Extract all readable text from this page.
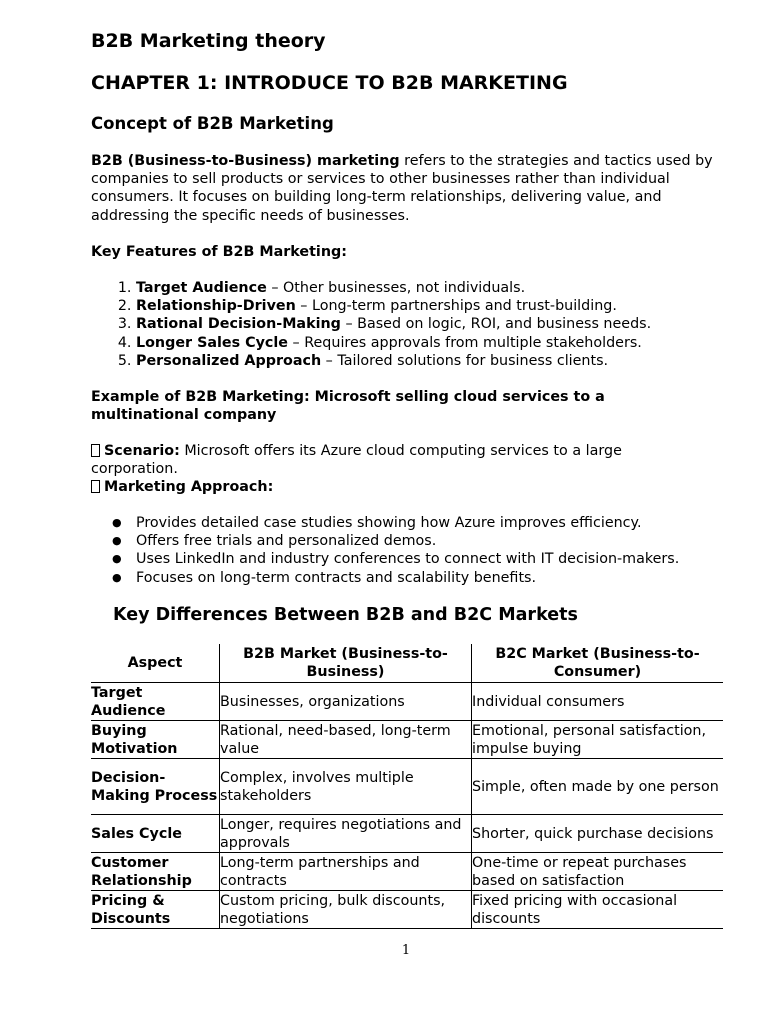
B2B Marketing theory
CHAPTER 1: INTRODUCE TO B2B MARKETING
Concept of B2B Marketing

B2B (Business-to-Business) marketing refers to the strategies and tactics used by companies to sell products or services to other businesses rather than individual consumers. It focuses on building long-term relationships, delivering value, and addressing the specific needs of businesses.

Key Features of B2B Marketing:
1. Target Audience – Other businesses, not individuals.
2. Relationship-Driven – Long-term partnerships and trust-building.
3. Rational Decision-Making – Based on logic, ROI, and business needs.
4. Longer Sales Cycle – Requires approvals from multiple stakeholders.
5. Personalized Approach – Tailored solutions for business clients.
Example of B2B Marketing: Microsoft selling cloud services to a multinational company
Scenario: Microsoft offers its Azure cloud computing services to a large corporation.
Marketing Approach:
● Provides detailed case studies showing how Azure improves efficiency.
● Offers free trials and personalized demos.
● Uses LinkedIn and industry conferences to connect with IT decision-makers.
● Focuses on long-term contracts and scalability benefits.
Key Differences Between B2B and B2C Markets
Aspect	B2B Market (Business-to-Business)	B2C Market (Business-to-Consumer)
Target Audience	Businesses, organizations	Individual consumers
Buying Motivation	Rational, need-based, long-term value	Emotional, personal satisfaction, impulse buying
Decision-Making Process	Complex, involves multiple stakeholders	Simple, often made by one person
Sales Cycle	Longer, requires negotiations and approvals	Shorter, quick purchase decisions
Customer Relationship	Long-term partnerships and contracts	One-time or repeat purchases based on satisfaction
Pricing & Discounts	Custom pricing, bulk discounts, negotiations	Fixed pricing with occasional discounts
1
